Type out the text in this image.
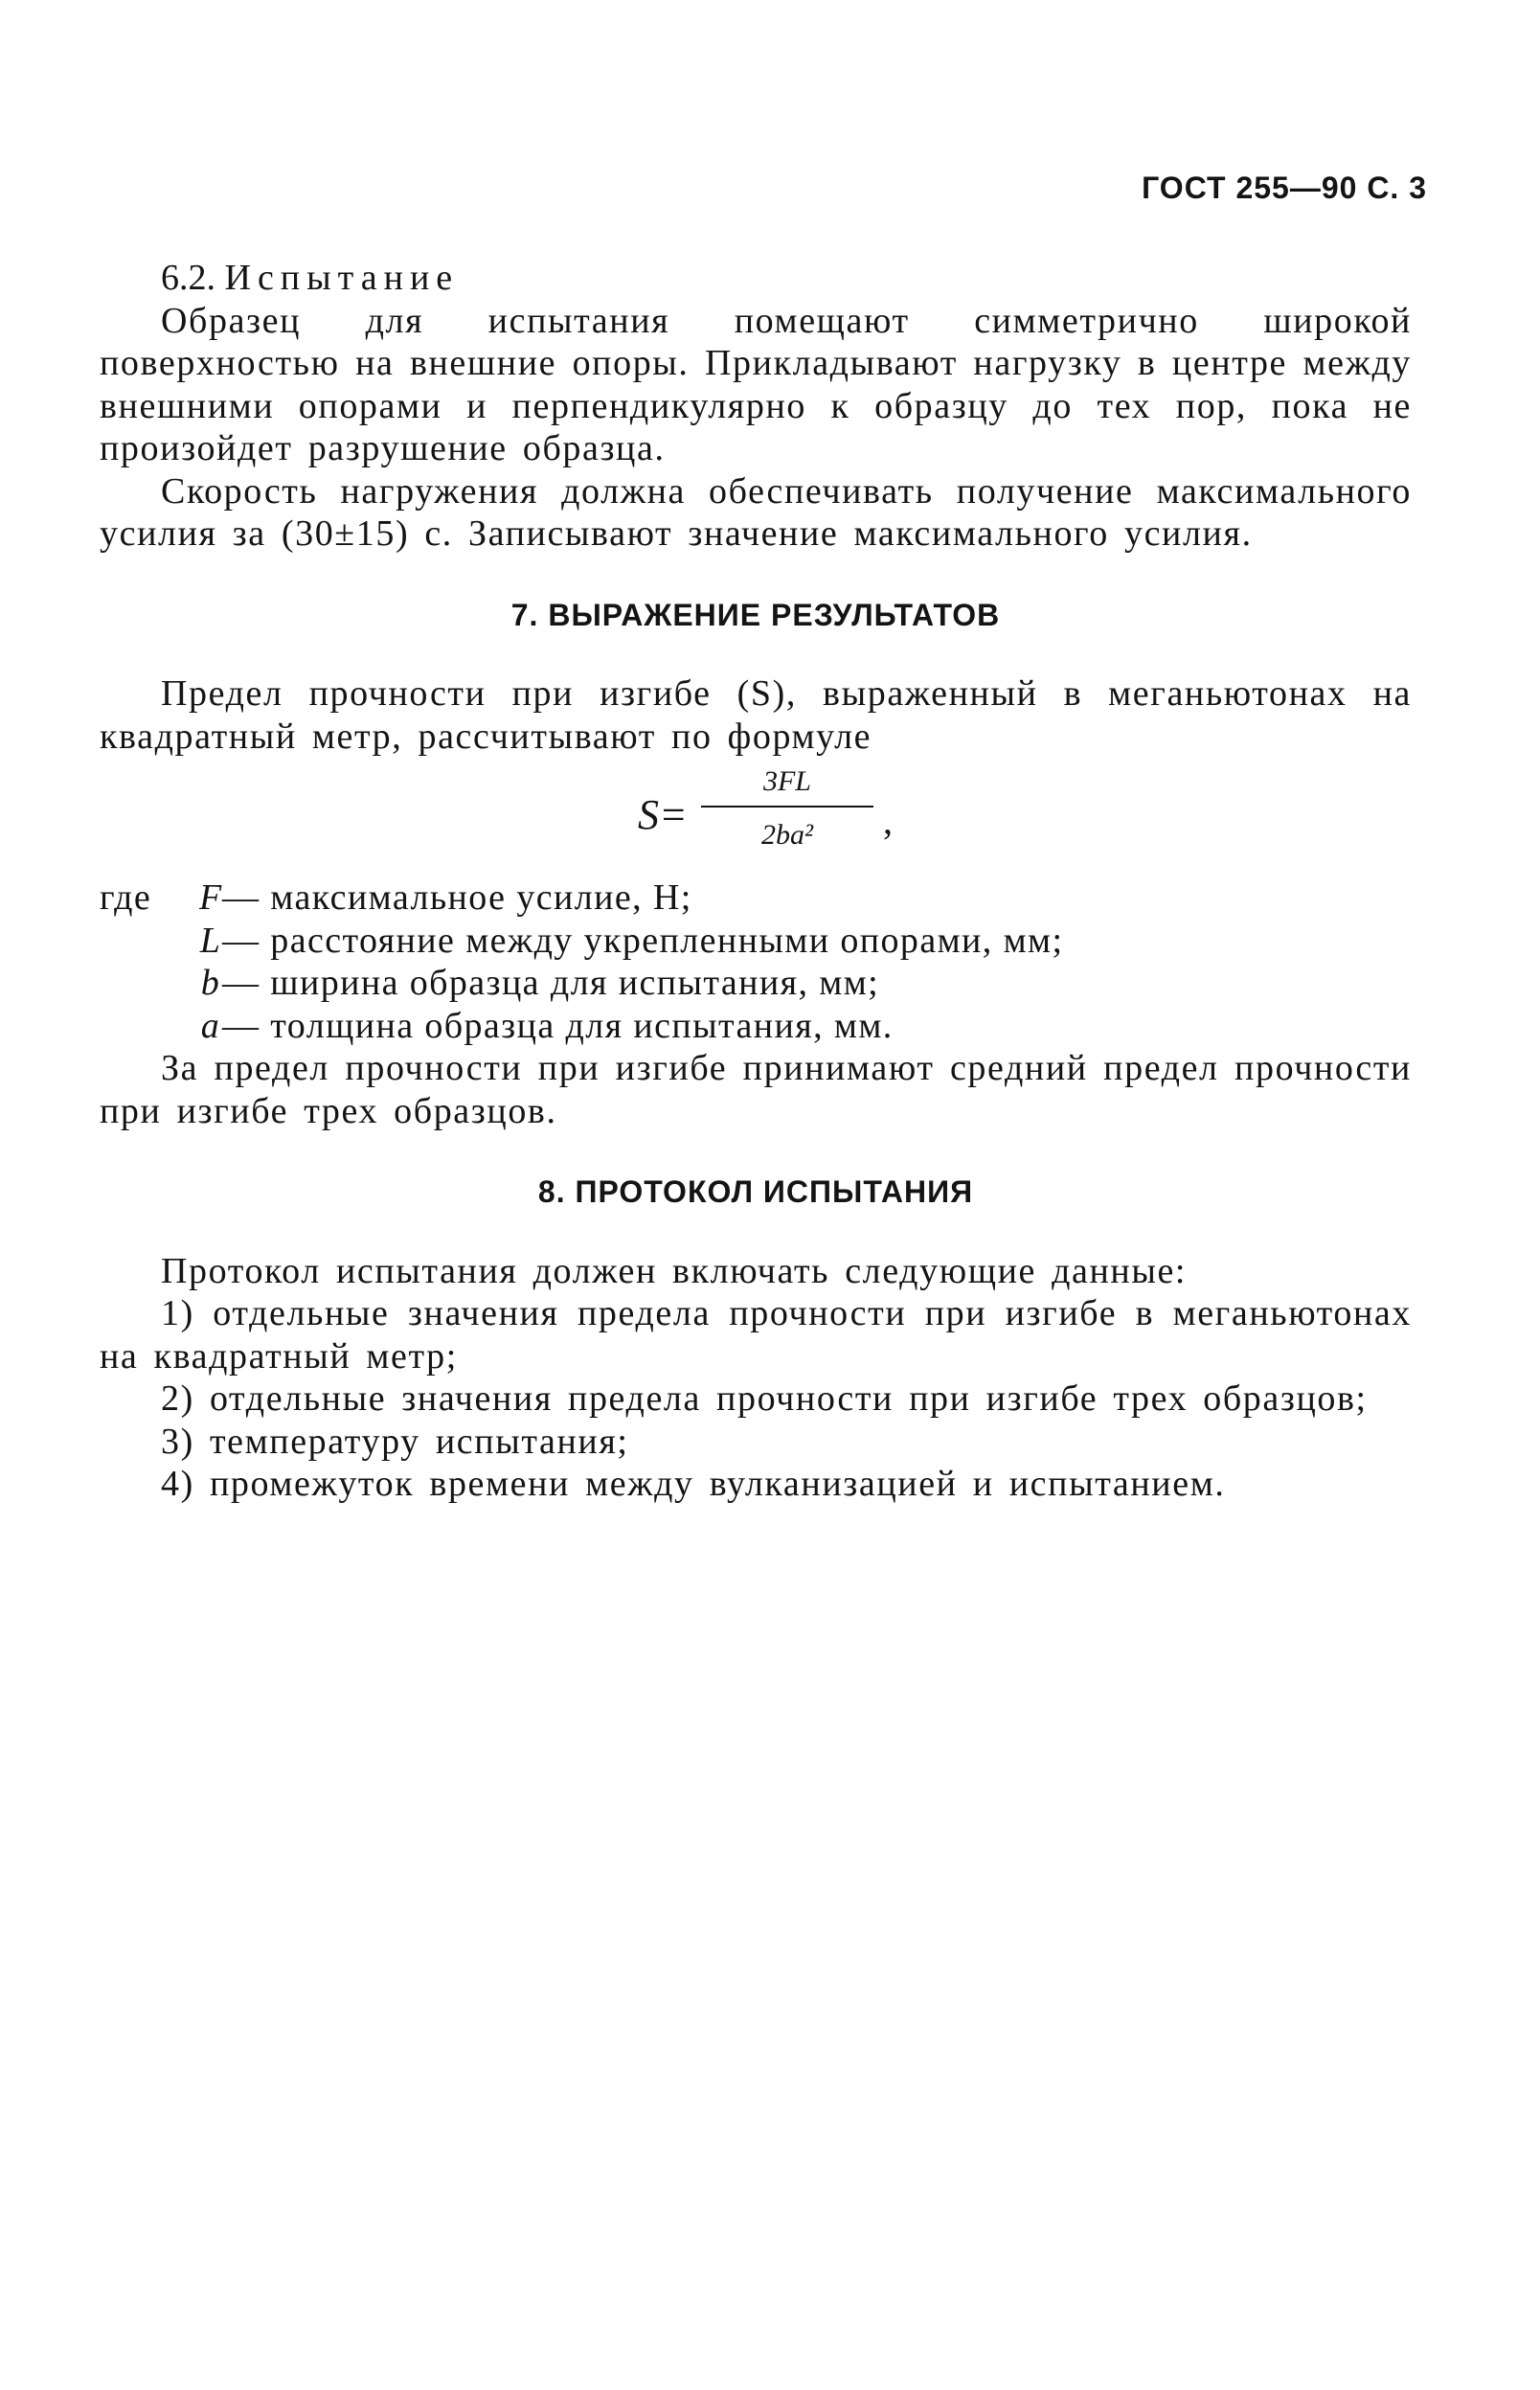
ГОСТ 255—90 С. 3
6.2. Испытание

Образец для испытания помещают симметрично широкой поверхностью на внешние опоры. Прикладывают нагрузку в центре между внешними опорами и перпендикулярно к образцу до тех пор, пока не произойдет разрушение образца.

Скорость нагружения должна обеспечивать получение максимального усилия за (30±15) с. Записывают значение максимального усилия.

7. ВЫРАЖЕНИЕ РЕЗУЛЬТАТОВ

Предел прочности при изгибе (S), выраженный в меганьютонах на квадратный метр, рассчитывают по формуле

S=
3FL
2ba²	,
где	F — максимальное усилие, Н;
L — расстояние между укрепленными опорами, мм;
b — ширина образца для испытания, мм;
a — толщина образца для испытания, мм.

За предел прочности при изгибе принимают средний предел прочности при изгибе трех образцов.

8. ПРОТОКОЛ ИСПЫТАНИЯ

Протокол испытания должен включать следующие данные:

1) отдельные значения предела прочности при изгибе в меганьютонах на квадратный метр;

2) отдельные значения предела прочности при изгибе трех образцов;

3) температуру испытания;

4) промежуток времени между вулканизацией и испытанием.
